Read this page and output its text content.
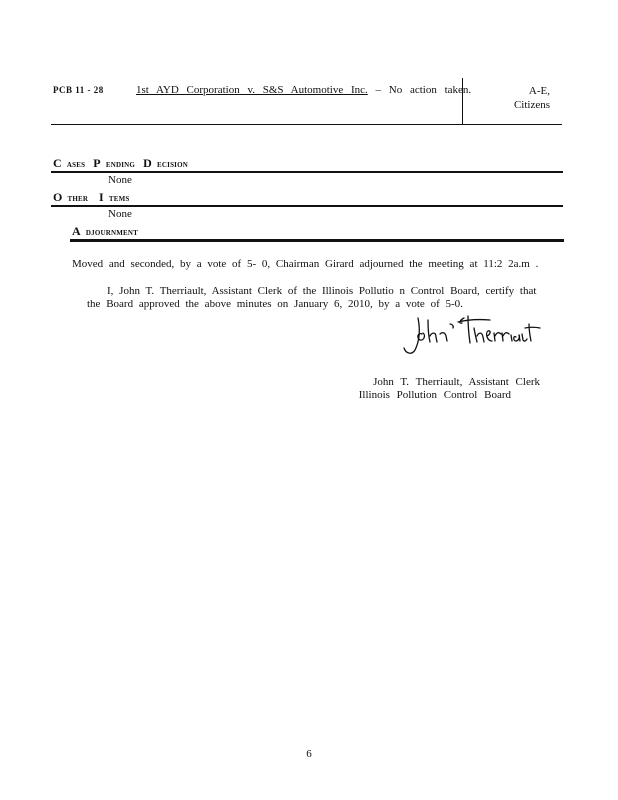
PCB 11 - 28	1st AYD Corporation v. S&S Automotive Inc. – No action taken.	A-E,
Citizens
C ases P ending D ecision
None
O ther I tems
None
A djournment
Moved and seconded, by a vote of 5- 0, Chairman Girard adjourned the meeting at 11:2 2a.m .
I, John T. Therriault, Assistant Clerk of the Illinois Pollutio n Control Board, certify that
the Board approved the above minutes on January 6, 2010, by a vote of 5-0.
John T. Therriault, Assistant Clerk
Illinois Pollution Control Board
6
